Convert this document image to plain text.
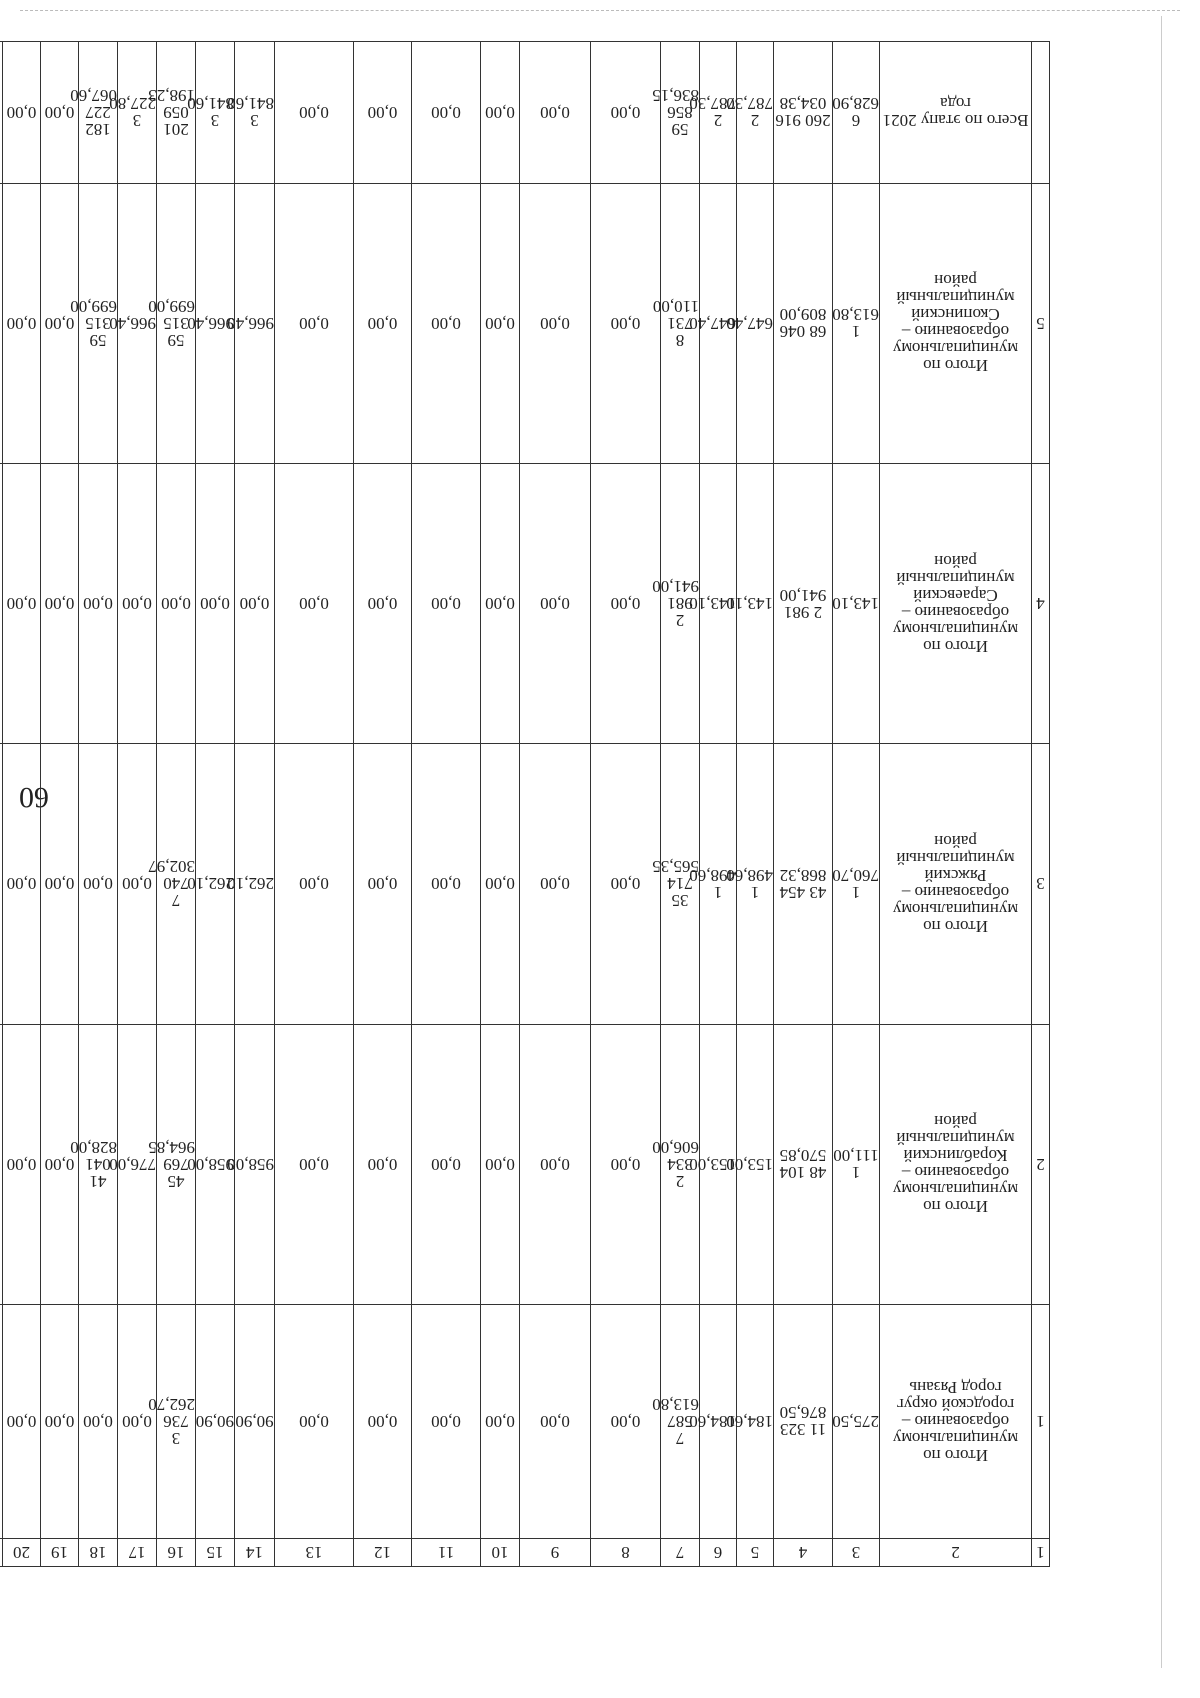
60
1	2	3	4	5	6	7	8	9	10	11	12	13	14	15	16	17	18	19	20									
1	Итого по муниципальному образованию – городской округ город Рязань	275,50	11 323 876,50	184,60	184,60	7 587 613,80	0,00	0,00	0,00	0,00	0,00	0,00	90,90	90,90	3 736 262,70	0,00	0,00	0,00	0,00									
2	Итого по муниципальному образованию – Кораблинский муниципальный район	1 111,00	48 104 570,85	153,00	153,00	2 334 606,00	0,00	0,00	0,00	0,00	0,00	0,00	958,00	958,00	45 769 964,85	776,00	41 041 828,00	0,00	0,00									
3	Итого по муниципальному образованию – Ряжский муниципальный район	1 760,70	43 454 868,32	1 498,60	1 498,60	35 714 565,35	0,00	0,00	0,00	0,00	0,00	0,00	262,10	262,10	7 740 302,97	0,00	0,00	0,00	0,00									
4	Итого по муниципальному образованию – Сараевский муниципальный район	143,10	2 981 941,00	143,10	143,10	2 981 941,00	0,00	0,00	0,00	0,00	0,00	0,00	0,00	0,00	0,00	0,00	0,00	0,00	0,00									
5	Итого по муниципальному образованию – Скопинский муниципальный район	1 613,80	68 046 809,00	647,40	647,40	8 731 110,00	0,00	0,00	0,00	0,00	0,00	0,00	966,40	966,40	59 315 699,00	966,40	59 315 699,00	0,00	0,00									
	Всего по этапу 2021 года	6 628,90	260 916 034,38	2 787,30	2 787,30	59 856 836,15	0,00	0,00	0,00	0,00	0,00	0,00	3 841,60	3 841,60	201 059 198,23	3 227,80	182 227 067,60	0,00	0,00									
